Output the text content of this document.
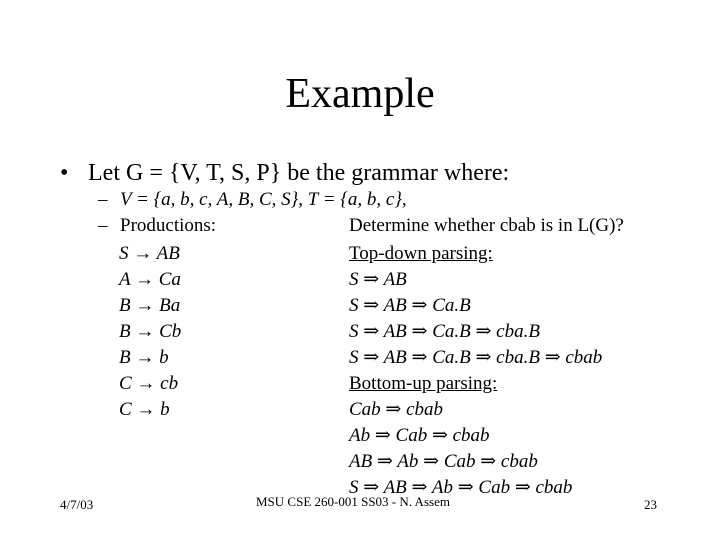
Example
• Let G = {V, T, S, P} be the grammar where:
– V = {a, b, c, A, B, C, S}, T = {a, b, c},
– Productions:
S → AB
A → Ca
B → Ba
B → Cb
B → b
C → cb
C → b
Determine whether cbab is in L(G)?
Top-down parsing:
S ⇒ AB
S ⇒ AB ⇒ Ca.B
S ⇒ AB ⇒ Ca.B ⇒ cba.B
S ⇒ AB ⇒ Ca.B ⇒ cba.B ⇒ cbab
Bottom-up parsing:
Cab ⇒ cbab
Ab ⇒ Cab ⇒ cbab
AB ⇒ Ab ⇒ Cab ⇒ cbab
S ⇒ AB ⇒ Ab ⇒ Cab ⇒ cbab
4/7/03	MSU CSE 260-001 SS03 - N. Assem	23
